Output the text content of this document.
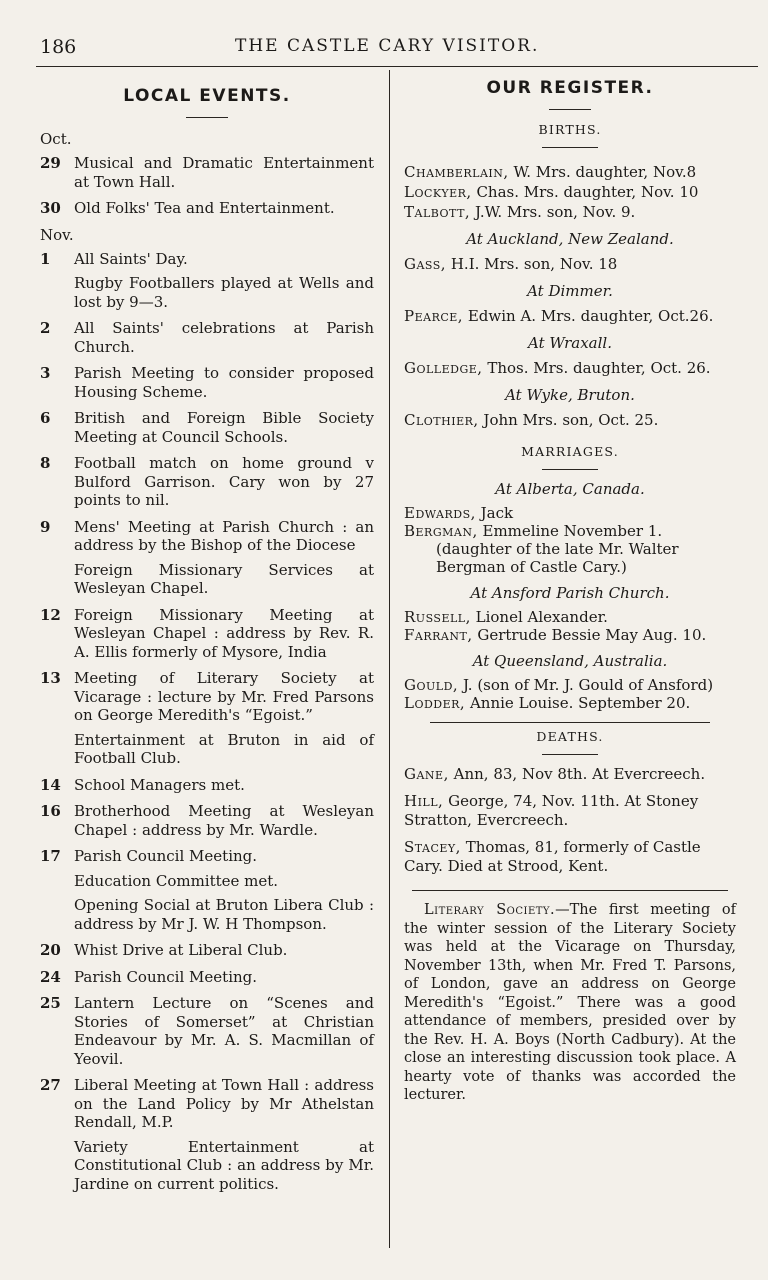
186	THE CASTLE CARY VISITOR.
LOCAL EVENTS.
Oct.
29 Musical and Dramatic Entertainment at Town Hall.
30 Old Folks' Tea and Entertainment.
Nov.
1	All Saints' Day.
Rugby Footballers played at Wells and lost by 9—3.
2	All Saints' celebrations at Parish Church.
3	Parish Meeting to consider proposed Housing Scheme.
6	British and Foreign Bible Society Meeting at Council Schools.
8	Football match on home ground v Bulford Garrison. Cary won by 27 points to nil.
9	Mens' Meeting at Parish Church : an address by the Bishop of the Diocese
Foreign Missionary Services at Wesleyan Chapel.
12 Foreign Missionary Meeting at Wesleyan Chapel : address by Rev. R. A. Ellis formerly of Mysore, India
13 Meeting of Literary Society at Vicarage : lecture by Mr. Fred Parsons on George Meredith's “Egoist.”
Entertainment at Bruton in aid of Football Club.
14 School Managers met.
16 Brotherhood Meeting at Wesleyan Chapel : address by Mr. Wardle.
17 Parish Council Meeting.
Education Committee met.
Opening Social at Bruton Libera Club : address by Mr J. W. H Thompson.
20 Whist Drive at Liberal Club.
24 Parish Council Meeting.
25 Lantern Lecture on “Scenes and Stories of Somerset” at Christian Endeavour by Mr. A. S. Macmillan of Yeovil.
27 Liberal Meeting at Town Hall : address on the Land Policy by Mr Athelstan Rendall, M.P.
Variety Entertainment at Constitutional Club : an address by Mr. Jardine on current politics.
OUR REGISTER.
BIRTHS.
Chamberlain, W. Mrs. daughter, Nov.8
Lockyer, Chas. Mrs. daughter, Nov. 10
Talbott, J.W. Mrs. son, Nov. 9.
At Auckland, New Zealand.
Gass, H.I. Mrs. son, Nov. 18
At Dimmer.
Pearce, Edwin A. Mrs. daughter, Oct.26.
At Wraxall.
Golledge, Thos. Mrs. daughter, Oct. 26.
At Wyke, Bruton.
Clothier, John Mrs. son, Oct. 25.
MARRIAGES.
At Alberta, Canada.
Edwards, Jack
Bergman, Emmeline November 1.
(daughter of the late Mr. Walter Bergman of Castle Cary.)
At Ansford Parish Church.
Russell, Lionel Alexander.
Farrant, Gertrude Bessie May Aug. 10.
At Queensland, Australia.
Gould, J. (son of Mr. J. Gould of Ansford)
Lodder, Annie Louise. September 20.
DEATHS.
Gane, Ann, 83, Nov 8th. At Evercreech.
Hill, George, 74, Nov. 11th. At Stoney Stratton, Evercreech.
Stacey, Thomas, 81, formerly of Castle Cary. Died at Strood, Kent.
Literary Society.—The first meeting of the winter session of the Literary Society was held at the Vicarage on Thursday, November 13th, when Mr. Fred T. Parsons, of London, gave an address on George Meredith's “Egoist.” There was a good attendance of members, presided over by the Rev. H. A. Boys (North Cadbury). At the close an interesting discussion took place. A hearty vote of thanks was accorded the lecturer.
